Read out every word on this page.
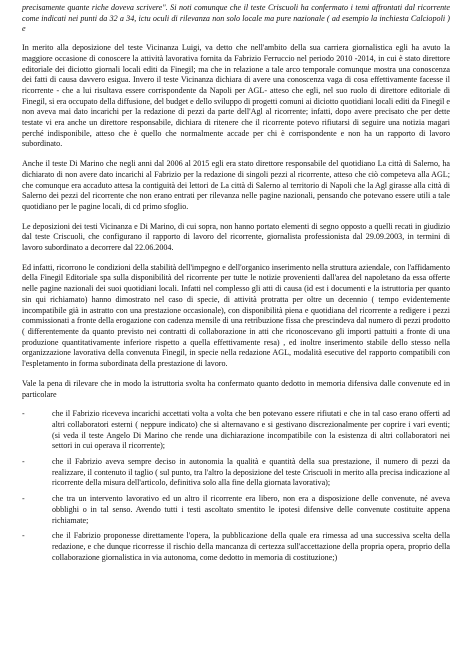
precisamente quante riche doveva scrivere". Si noti comunque che il teste Criscuoli ha confermato i temi affrontati dal ricorrente come indicati nei punti da 32 a 34, ictu oculi di rilevanza non solo locale ma pure nazionale ( ad esempio la inchiesta Calciopoli ) e

In merito alla deposizione del teste Vicinanza Luigi, va detto che nell'ambito della sua carriera giornalistica egli ha avuto la maggiore occasione di conoscere la attività lavorativa fornita da Fabrizio Ferruccio nel periodo 2010 -2014, in cui è stato direttore editoriale dei diciotto giornali locali editi da Finegil; ma che in relazione a tale arco temporale comunque mostra una conoscenza dei fatti di causa davvero esigua. Invero il teste Vicinanza dichiara di avere una conoscenza vaga di cosa effettivamente facesse il ricorrente - che a lui risultava essere corrispondente da Napoli per AGL- atteso che egli, nel suo ruolo di direttore editoriale di Finegil, si era occupato della diffusione, del budget e dello sviluppo di progetti comuni ai diciotto quotidiani locali editi da Finegil e non aveva mai dato incarichi per la redazione di pezzi da parte dell'Agl al ricorrente; infatti, dopo avere precisato che per dette testate vi era anche un direttore responsabile, dichiara di ritenere che il ricorrente potevo rifiutarsi di seguire una notizia magari perché indisponibile, atteso che è quello che normalmente accade per chi è corrispondente e non ha un rapporto di lavoro subordinato.

Anche il teste Di Marino che negli anni dal 2006 al 2015 egli era stato direttore responsabile del quotidiano La città di Salerno, ha dichiarato di non avere dato incarichi al Fabrizio per la redazione di singoli pezzi al ricorrente, atteso che ciò competeva alla AGL; che comunque era accaduto attesa la contiguità dei lettori de La città di Salerno al territorio di Napoli che la Agl girasse alla città di Salerno dei pezzi del ricorrente che non erano entrati per rilevanza nelle pagine nazionali, pensando che potevano essere utili a tale quotidiano per le pagine locali, di cd primo sfoglio.

Le deposizioni dei testi Vicinanza e Di Marino, di cui sopra, non hanno portato elementi di segno opposto a quelli recati in giudizio dal teste Criscuoli, che configurano il rapporto di lavoro del ricorrente, giornalista professionista dal 29.09.2003, in termini di lavoro subordinato a decorrere dal 22.06.2004.

Ed infatti, ricorrono le condizioni della stabilità dell'impegno e dell'organico inserimento nella struttura aziendale, con l'affidamento della Finegil Editoriale spa sulla disponibilità del ricorrente per tutte le notizie provenienti dall'area del napoletano da essa offerte nelle pagine nazionali dei suoi quotidiani locali. Infatti nel complesso gli atti di causa (id est i documenti e la istruttoria per quanto sin qui richiamato) hanno dimostrato nel caso di specie, di attività protratta per oltre un decennio ( tempo evidentemente incompatibile già in astratto con una prestazione occasionale), con disponibilità piena e quotidiana del ricorrente a redigere i pezzi commissionati a fronte della erogazione con cadenza mensile di una retribuzione fissa che prescindeva dal numero di pezzi prodotto ( differentemente da quanto previsto nei contratti di collaborazione in atti che riconoscevano gli importi pattuiti a fronte di una produzione quantitativamente inferiore rispetto a quella effettivamente resa) , ed inoltre inserimento stabile dello stesso nella organizzazione lavorativa della convenuta Finegil, in specie nella redazione AGL, modalità esecutive del rapporto compatibili con l'espletamento in forma subordinata della prestazione di lavoro.

Vale la pena di rilevare che in modo la istruttoria svolta ha confermato quanto dedotto in memoria difensiva dalle convenute ed in particolare

-	che il Fabrizio riceveva incarichi accettati volta a volta che ben potevano essere rifiutati e che in tal caso erano offerti ad altri collaboratori esterni ( neppure indicato) che si alternavano e si gestivano discrezionalmente per coprire i vari eventi; (si veda il teste Angelo Di Marino che rende una dichiarazione incompatibile con la esistenza di altri collaboratori nei settori in cui operava il ricorrente);
-	che il Fabrizio aveva sempre deciso in autonomia la qualità e quantità della sua prestazione, il numero di pezzi da realizzare, il contenuto il taglio ( sul punto, tra l'altro la deposizione del teste Criscuoli in merito alla precisa indicazione al ricorrente della misura dell'articolo, definitiva solo alla fine della giornata lavorativa);
-	che tra un intervento lavorativo ed un altro il ricorrente era libero, non era a disposizione delle convenute, né aveva obblighi o in tal senso. Avendo tutti i testi ascoltato smentito le ipotesi difensive delle convenute costituite appena richiamate;
-	che il Fabrizio proponesse direttamente l'opera, la pubblicazione della quale era rimessa ad una successiva scelta della redazione, e che dunque ricorresse il rischio della mancanza di certezza sull'accettazione della propria opera, proprio della collaborazione giornalistica in via autonoma, come dedotto in memoria di costituzione;)
